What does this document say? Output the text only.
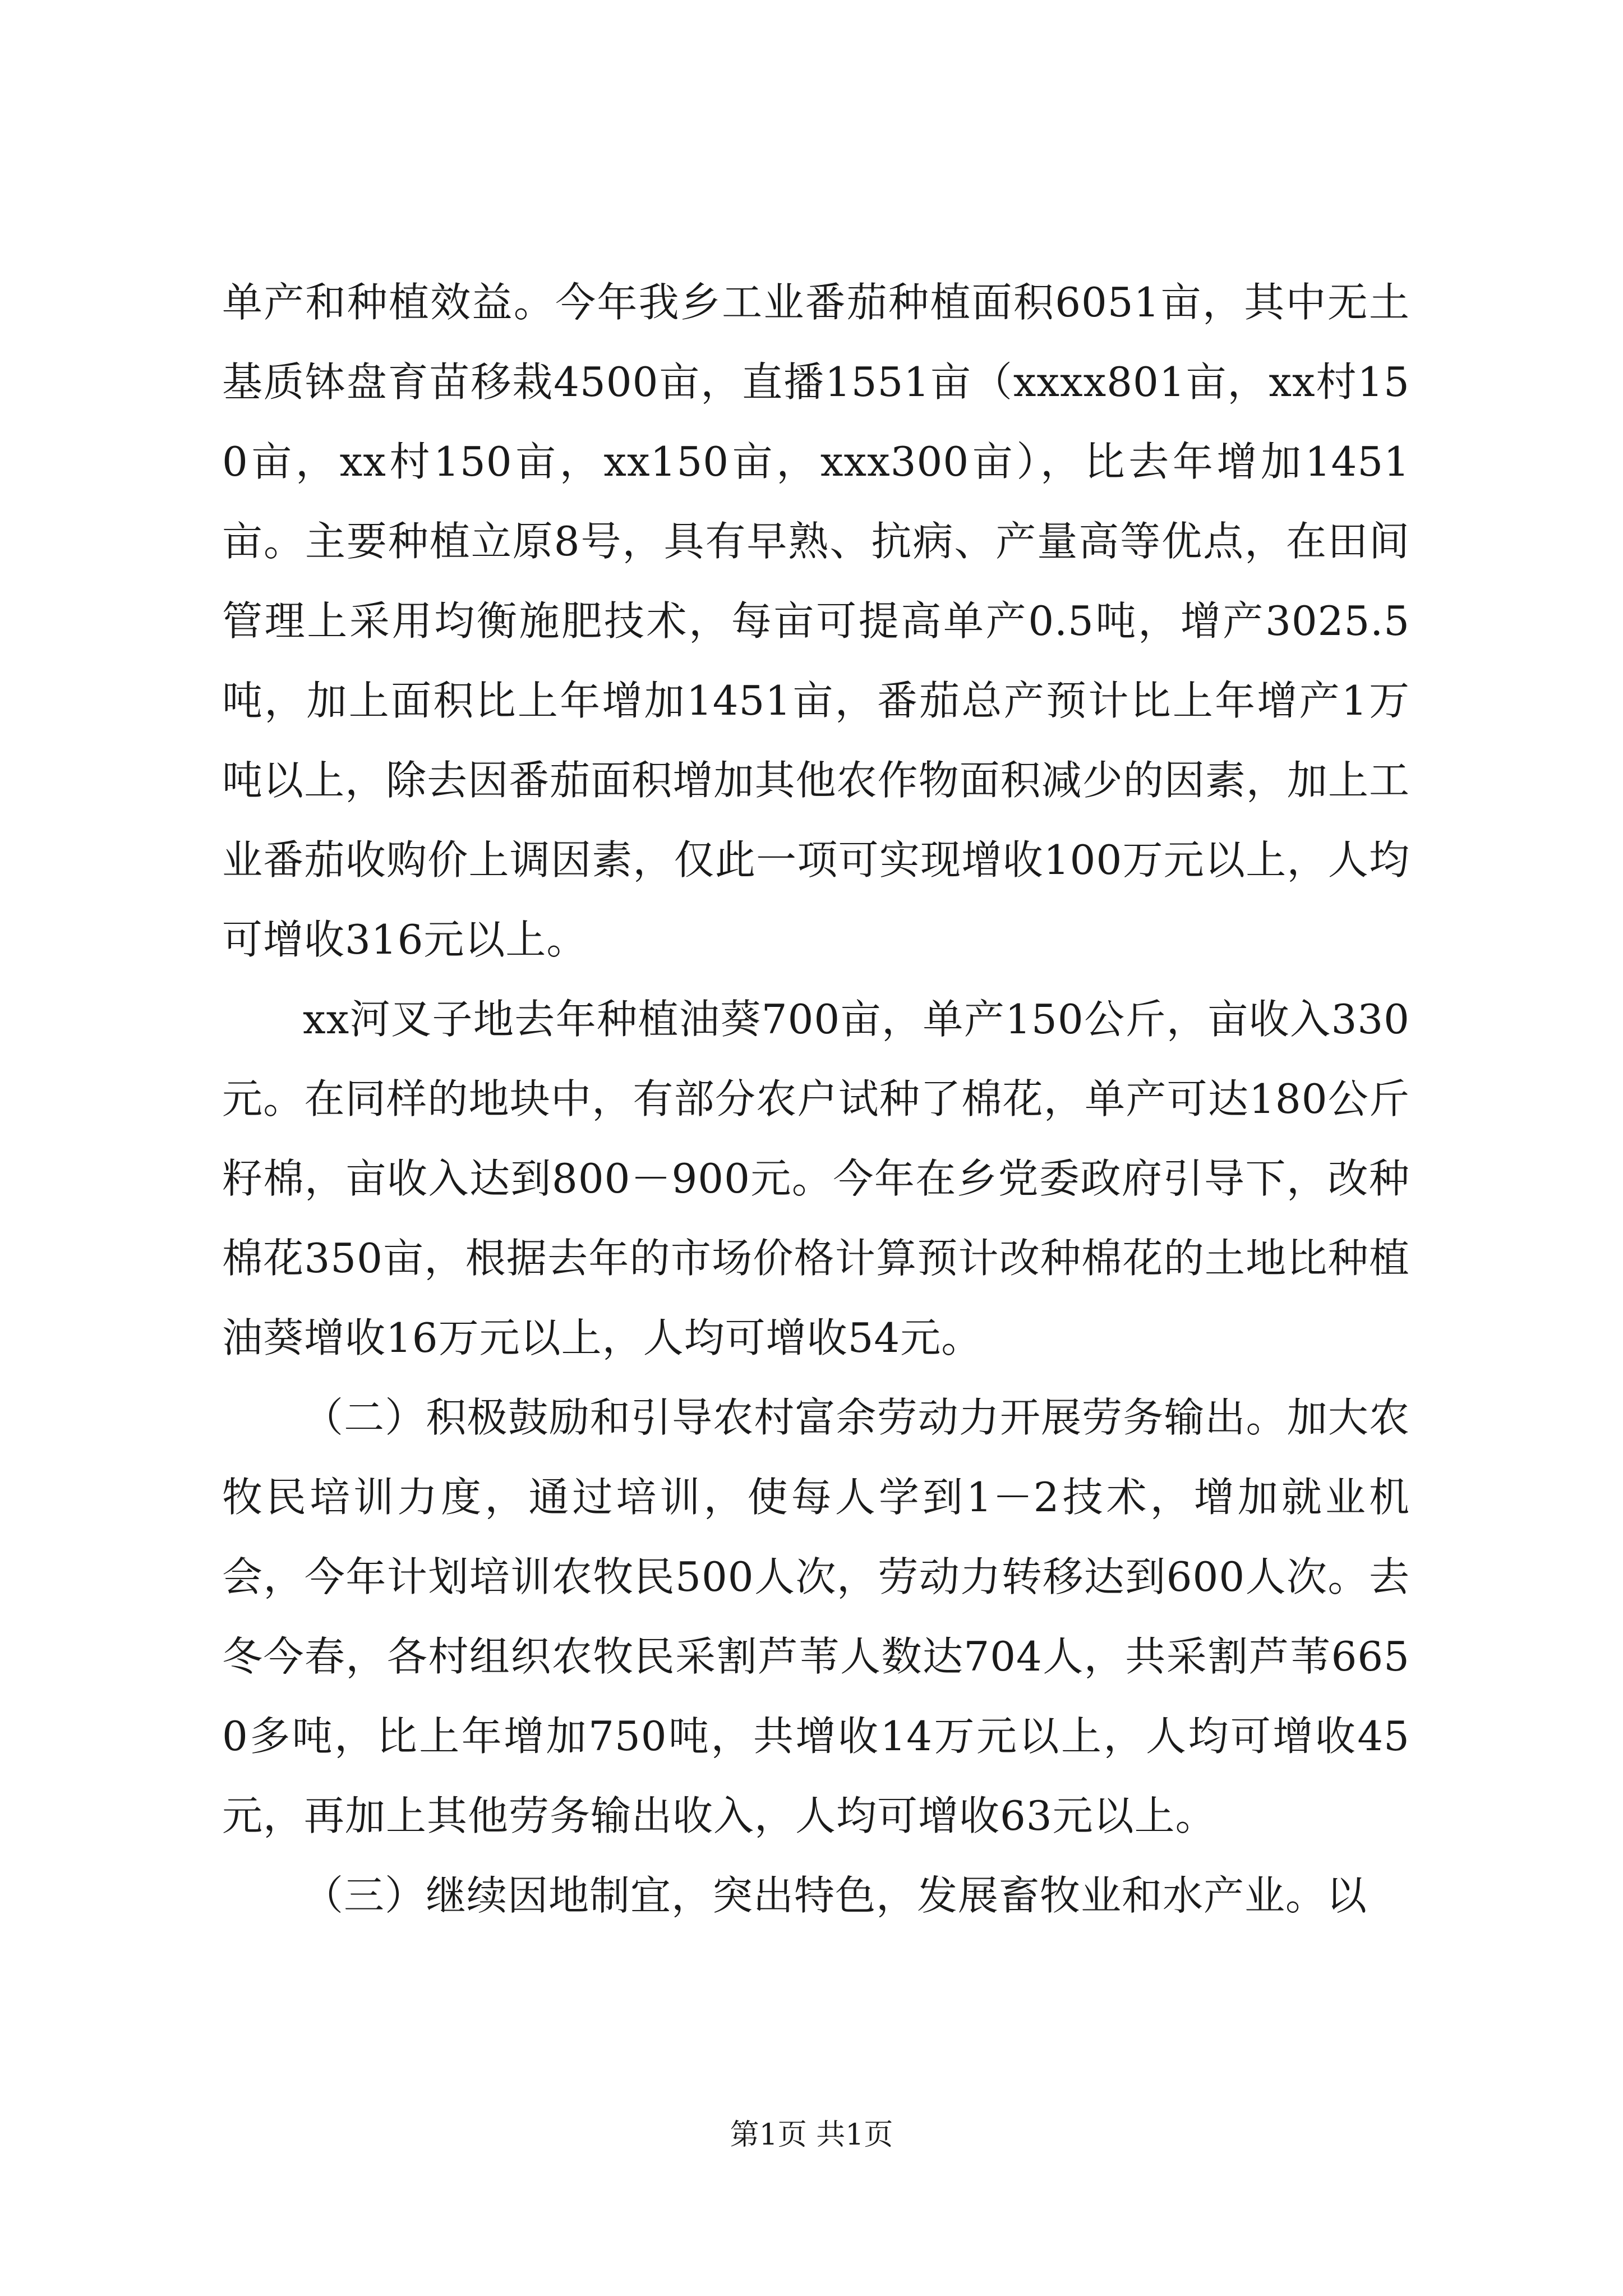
单产和种植效益。今年我乡工业番茄种植面积6051亩，其中无土基质钵盘育苗移栽4500亩，直播1551亩（xxxx801亩，xx村150亩，xx村150亩，xx150亩，xxx300亩），比去年增加1451亩。主要种植立原8号，具有早熟、抗病、产量高等优点，在田间管理上采用均衡施肥技术，每亩可提高单产0.5吨，增产3025.5吨，加上面积比上年增加1451亩，番茄总产预计比上年增产1万吨以上，除去因番茄面积增加其他农作物面积减少的因素，加上工业番茄收购价上调因素，仅此一项可实现增收100万元以上，人均可增收316元以上。

xx河叉子地去年种植油葵700亩，单产150公斤，亩收入330元。在同样的地块中，有部分农户试种了棉花，单产可达180公斤籽棉，亩收入达到800－900元。今年在乡党委政府引导下，改种棉花350亩，根据去年的市场价格计算预计改种棉花的土地比种植油葵增收16万元以上，人均可增收54元。

（二）积极鼓励和引导农村富余劳动力开展劳务输出。加大农牧民培训力度，通过培训，使每人学到1－2技术，增加就业机会，今年计划培训农牧民500人次，劳动力转移达到600人次。去冬今春，各村组织农牧民采割芦苇人数达704人，共采割芦苇6650多吨，比上年增加750吨，共增收14万元以上，人均可增收45元，再加上其他劳务输出收入，人均可增收63元以上。

（三）继续因地制宜，突出特色，发展畜牧业和水产业。以

第1页 共1页
